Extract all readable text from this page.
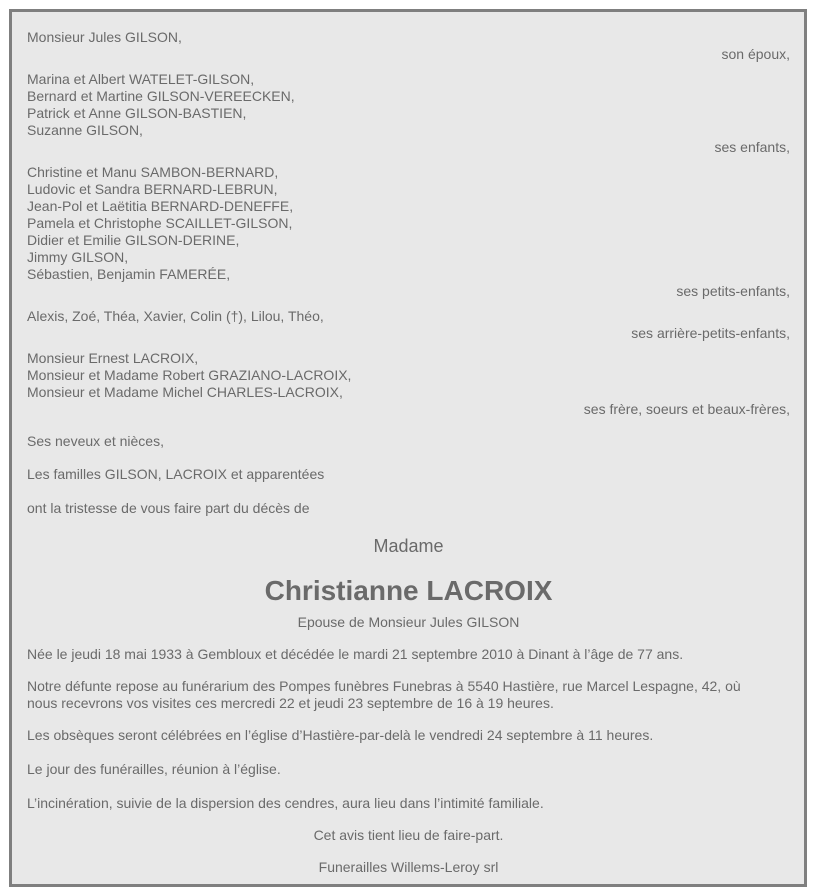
Monsieur Jules GILSON,
son époux,
Marina et Albert WATELET-GILSON,
Bernard et Martine GILSON-VEREECKEN,
Patrick et Anne GILSON-BASTIEN,
Suzanne GILSON,
ses enfants,
Christine et Manu SAMBON-BERNARD,
Ludovic et Sandra BERNARD-LEBRUN,
Jean-Pol et Laëtitia BERNARD-DENEFFE,
Pamela et Christophe SCAILLET-GILSON,
Didier et Emilie GILSON-DERINE,
Jimmy GILSON,
Sébastien, Benjamin FAMERÉE,
ses petits-enfants,
Alexis, Zoé, Théa, Xavier, Colin (†), Lilou, Théo,
ses arrière-petits-enfants,
Monsieur Ernest LACROIX,
Monsieur et Madame Robert GRAZIANO-LACROIX,
Monsieur et Madame Michel CHARLES-LACROIX,
ses frère, soeurs et beaux-frères,
Ses neveux et nièces,
Les familles GILSON, LACROIX et apparentées
ont la tristesse de vous faire part du décès de
Madame
Christianne LACROIX
Epouse de Monsieur Jules GILSON
Née le jeudi 18 mai 1933 à Gembloux et décédée le mardi 21 septembre 2010 à Dinant à l’âge de 77 ans.
Notre défunte repose au funérarium des Pompes funèbres Funebras à 5540 Hastière, rue Marcel Lespagne, 42, où
nous recevrons vos visites ces mercredi 22 et jeudi 23 septembre de 16 à 19 heures.
Les obsèques seront célébrées en l’église d’Hastière-par-delà le vendredi 24 septembre à 11 heures.
Le jour des funérailles, réunion à l’église.
L’incinération, suivie de la dispersion des cendres, aura lieu dans l’intimité familiale.
Cet avis tient lieu de faire-part.
Funerailles Willems-Leroy srl
